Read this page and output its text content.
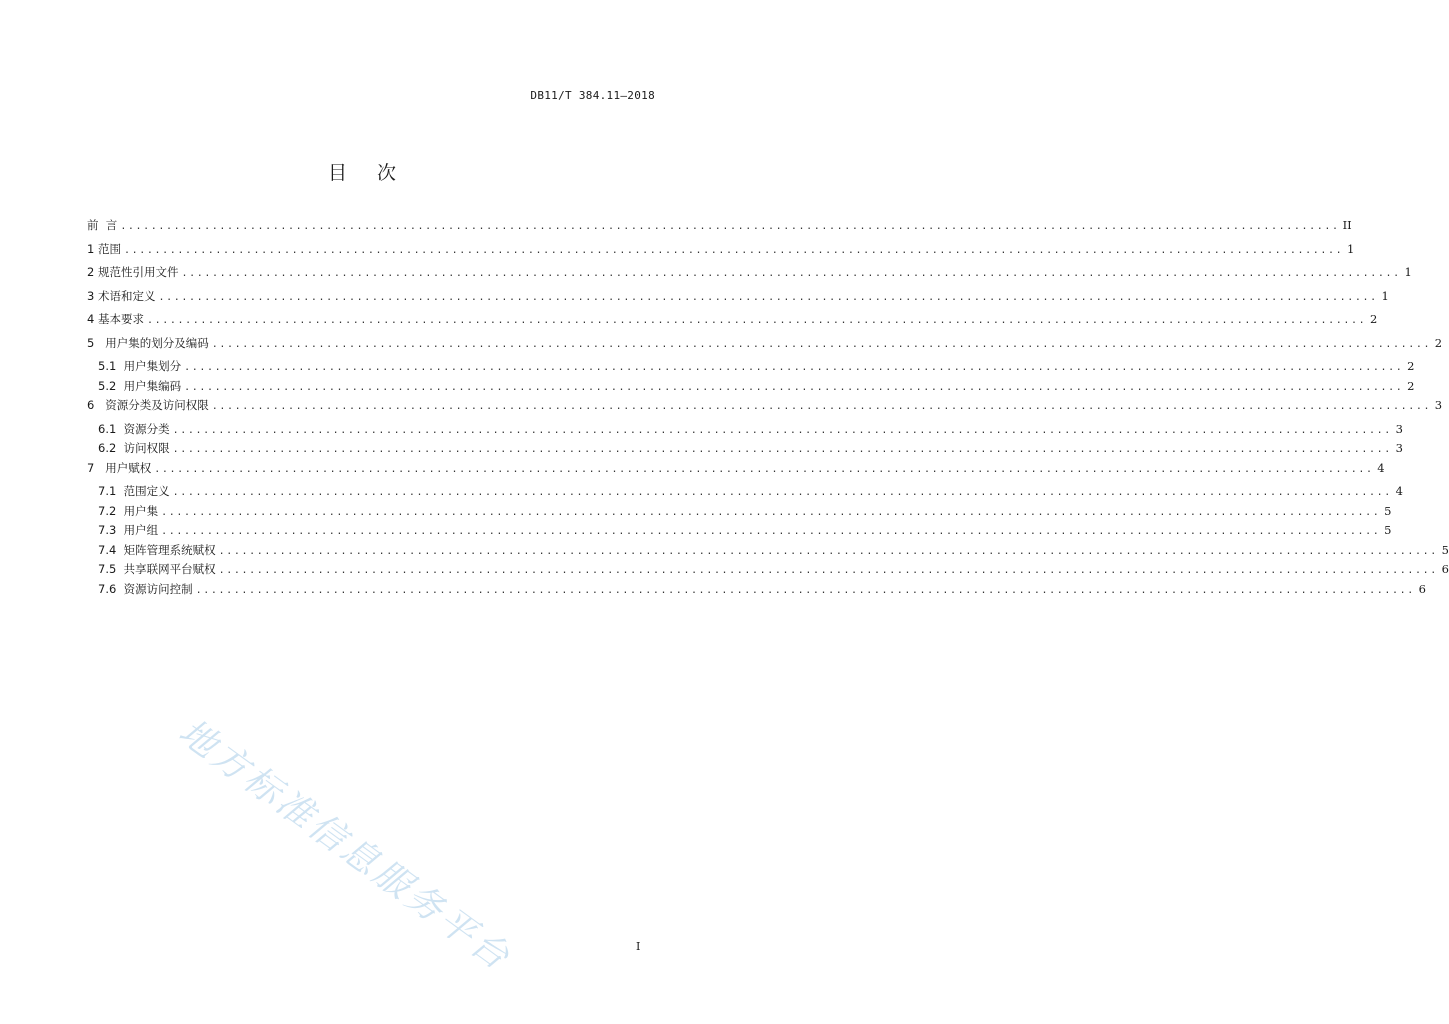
DB11/T 384.11—2018
目 次
前 言 ................................................................................................................................................................ II
1 范围 ................................................................................................................................................................ 1
2 规范性引用文件 ................................................................................................................................................................ 1
3 术语和定义 ................................................................................................................................................................ 1
4 基本要求 ................................................................................................................................................................ 2
5 用户集的划分及编码 ................................................................................................................................................................ 2
5.1 用户集划分 ................................................................................................................................................................ 2
5.2 用户集编码 ................................................................................................................................................................ 2
6 资源分类及访问权限 ................................................................................................................................................................ 3
6.1 资源分类 ................................................................................................................................................................ 3
6.2 访问权限 ................................................................................................................................................................ 3
7 用户赋权 ................................................................................................................................................................ 4
7.1 范围定义 ................................................................................................................................................................ 4
7.2 用户集 ................................................................................................................................................................ 5
7.3 用户组 ................................................................................................................................................................ 5
7.4 矩阵管理系统赋权 ................................................................................................................................................................ 5
7.5 共享联网平台赋权 ................................................................................................................................................................ 6
7.6 资源访问控制 ................................................................................................................................................................ 6
地方标准信息服务平台	I
